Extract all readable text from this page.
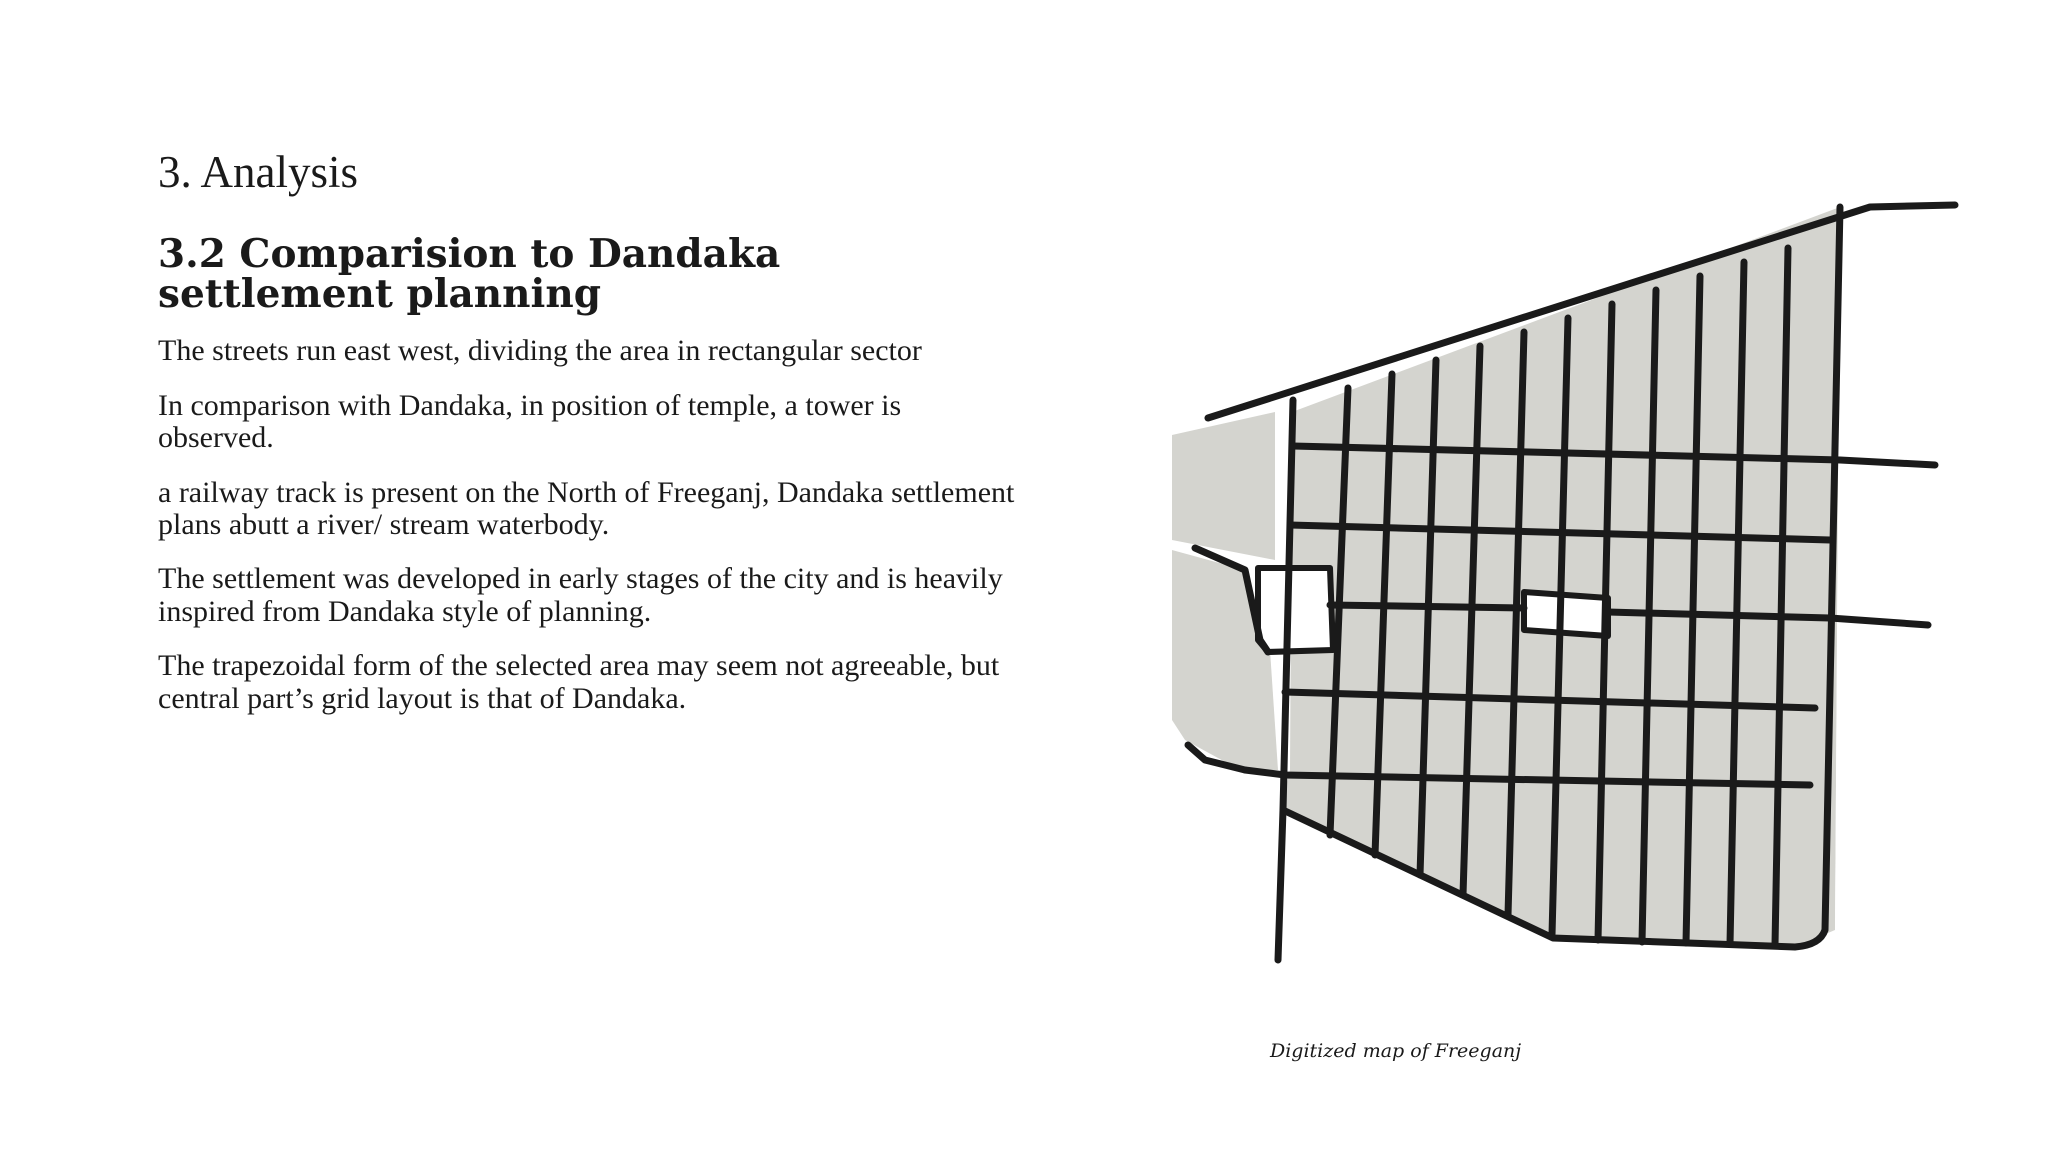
3. Analysis
3.2 Comparision to Dandaka settlement planning

The streets run east west, dividing the area in rectangular sector

In comparison with Dandaka, in position of temple, a tower is observed.

a railway track is present on the North of Freeganj, Dandaka settlement plans abutt a river/ stream waterbody.

The settlement was developed in early stages of the city and is heavily inspired from Dandaka style of planning.

The trapezoidal form of the selected area may seem not agreeable, but central part’s grid layout is that of Dandaka.

Digitized map of Freeganj
